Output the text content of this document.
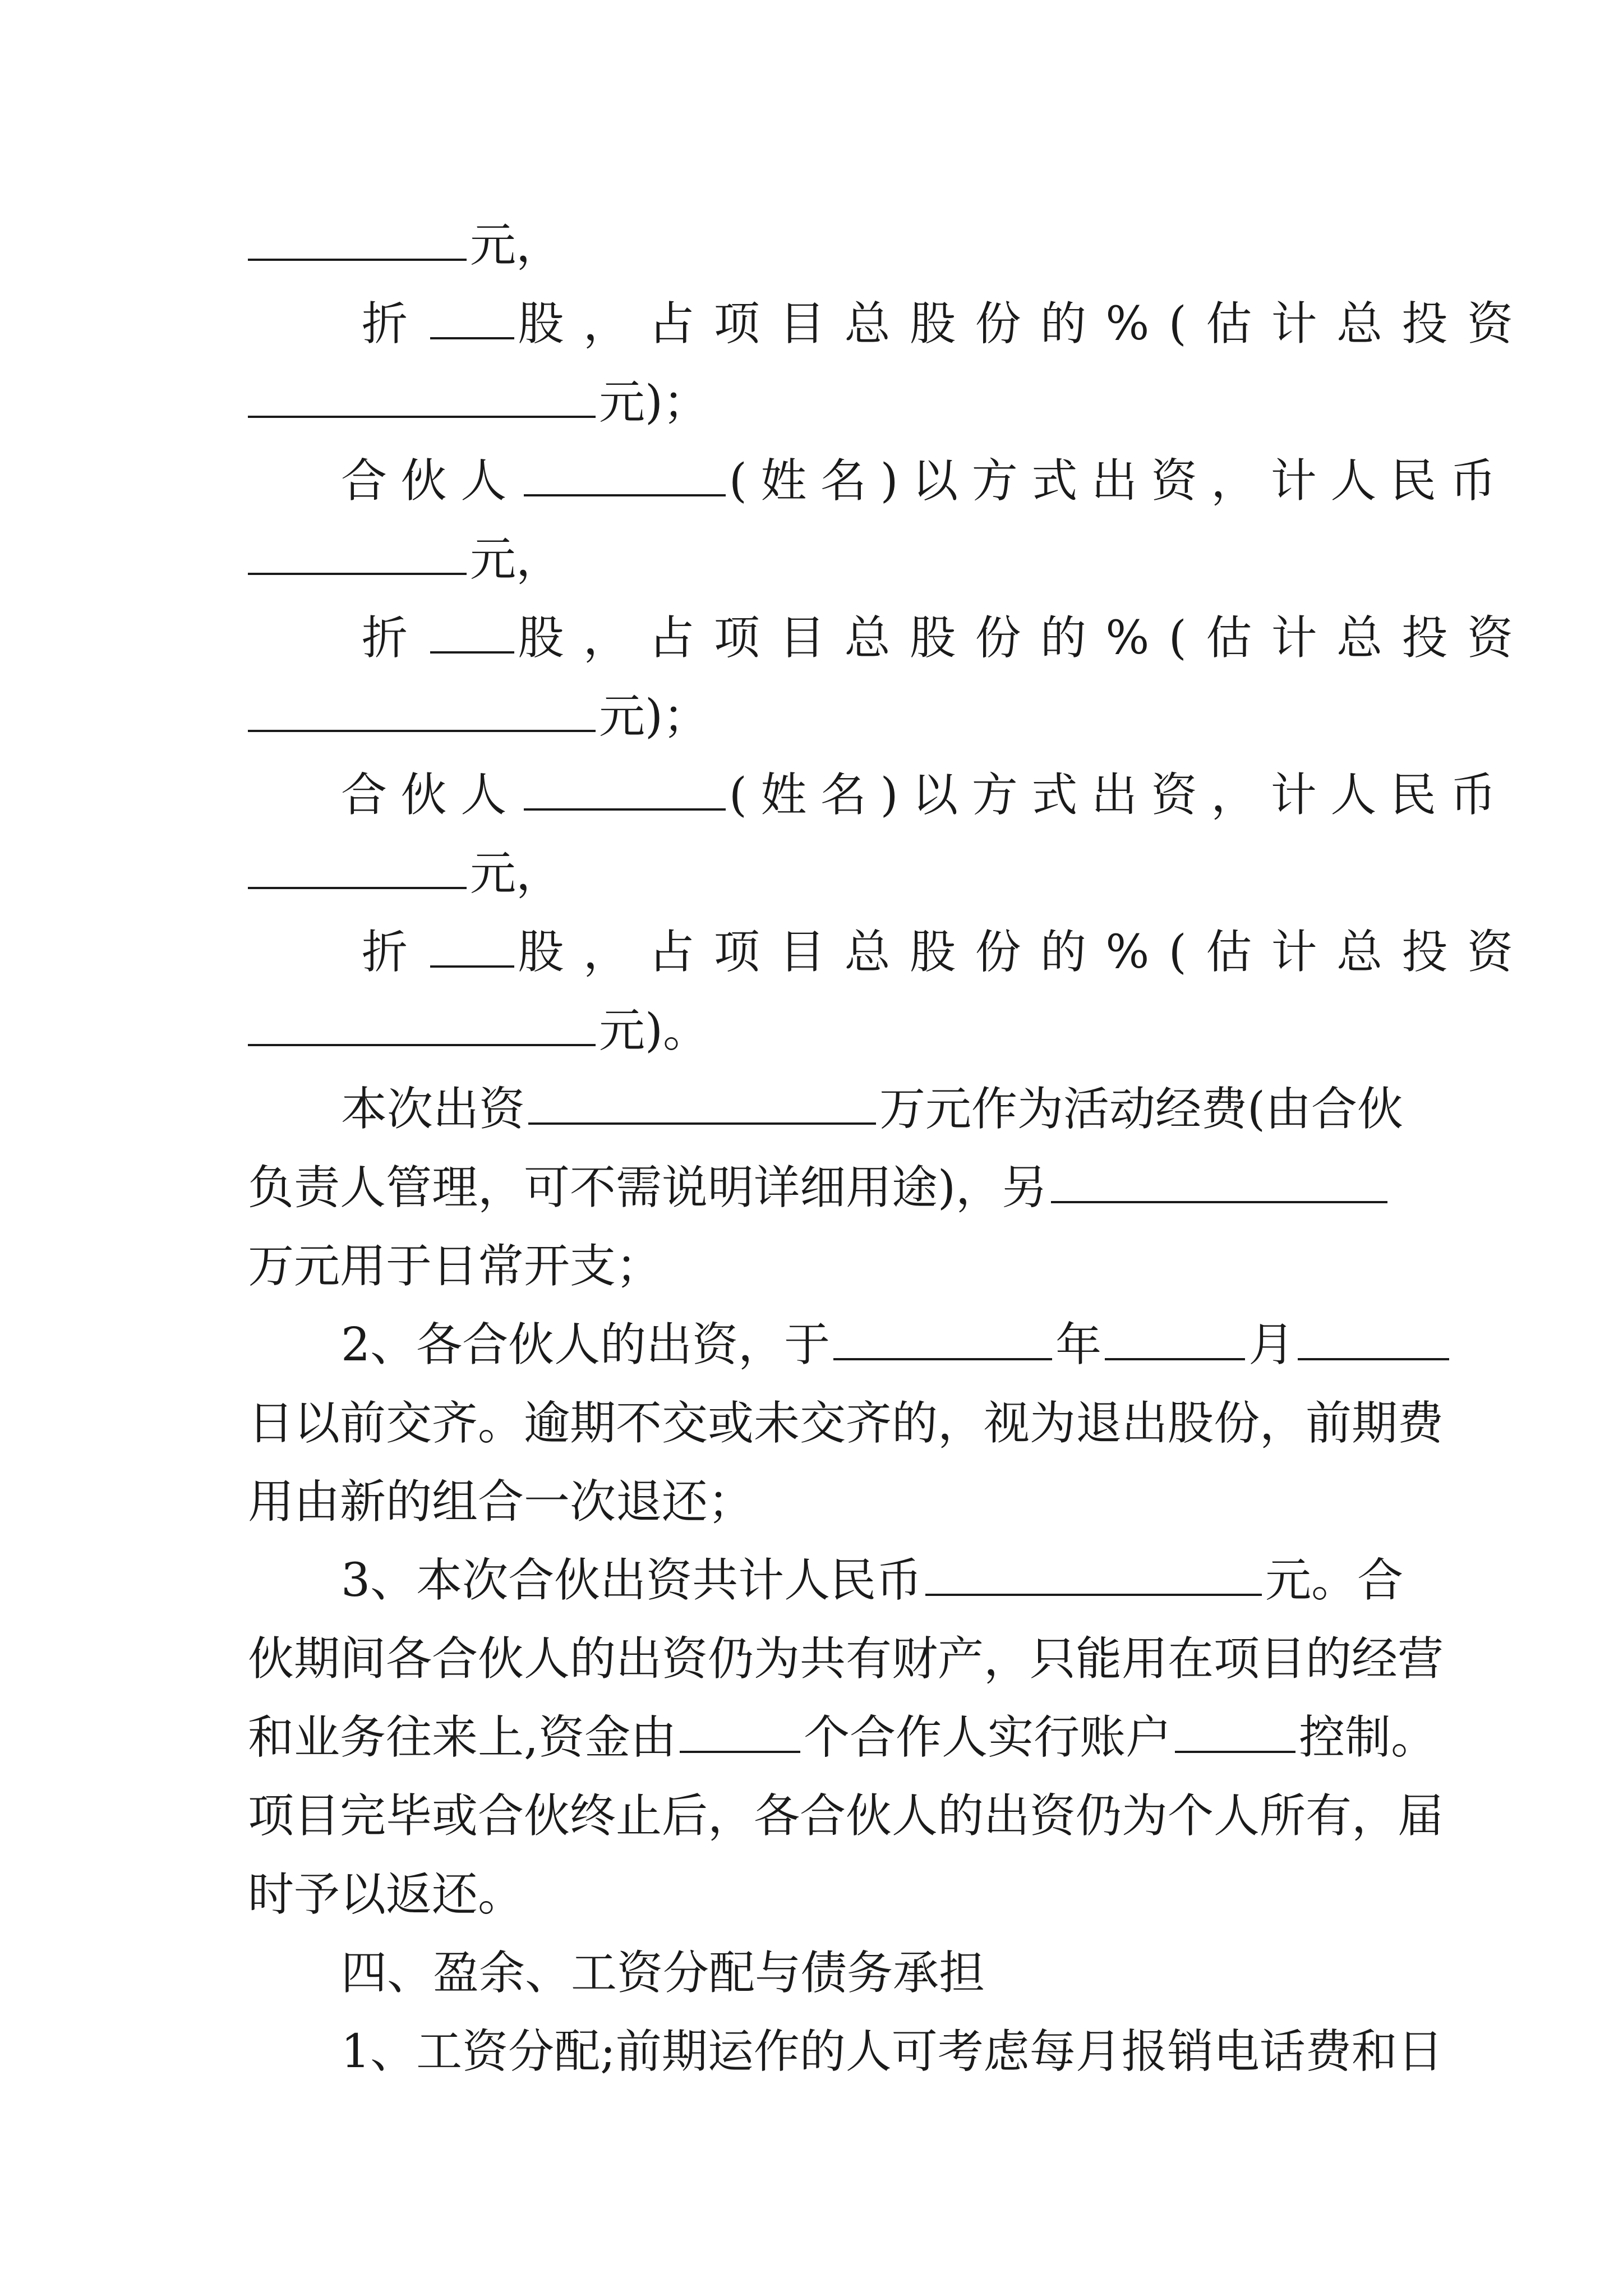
元，
折 股，占项目总股份的%(估计总投资
元)；
合伙人	(姓名)以方式出资，计人民币
元，
折 股，占项目总股份的%(估计总投资
元)；
合伙人	(姓名)以方式出资，计人民币
元，
折 股，占项目总股份的%(估计总投资
元)。
本次出资	万元作为活动经费(由合伙
负责人管理，可不需说明详细用途)，另
万元用于日常开支；
2、各合伙人的出资，于	年	月
日以前交齐。逾期不交或未交齐的，视为退出股份，前期费
用由新的组合一次退还；
3、本次合伙出资共计人民币	元。合
伙期间各合伙人的出资仍为共有财产，只能用在项目的经营
和业务往来上,资金由	个合作人实行账户	控制。
项目完毕或合伙终止后，各合伙人的出资仍为个人所有，届
时予以返还。
四、盈余、工资分配与债务承担
1、工资分配;前期运作的人可考虑每月报销电话费和日
